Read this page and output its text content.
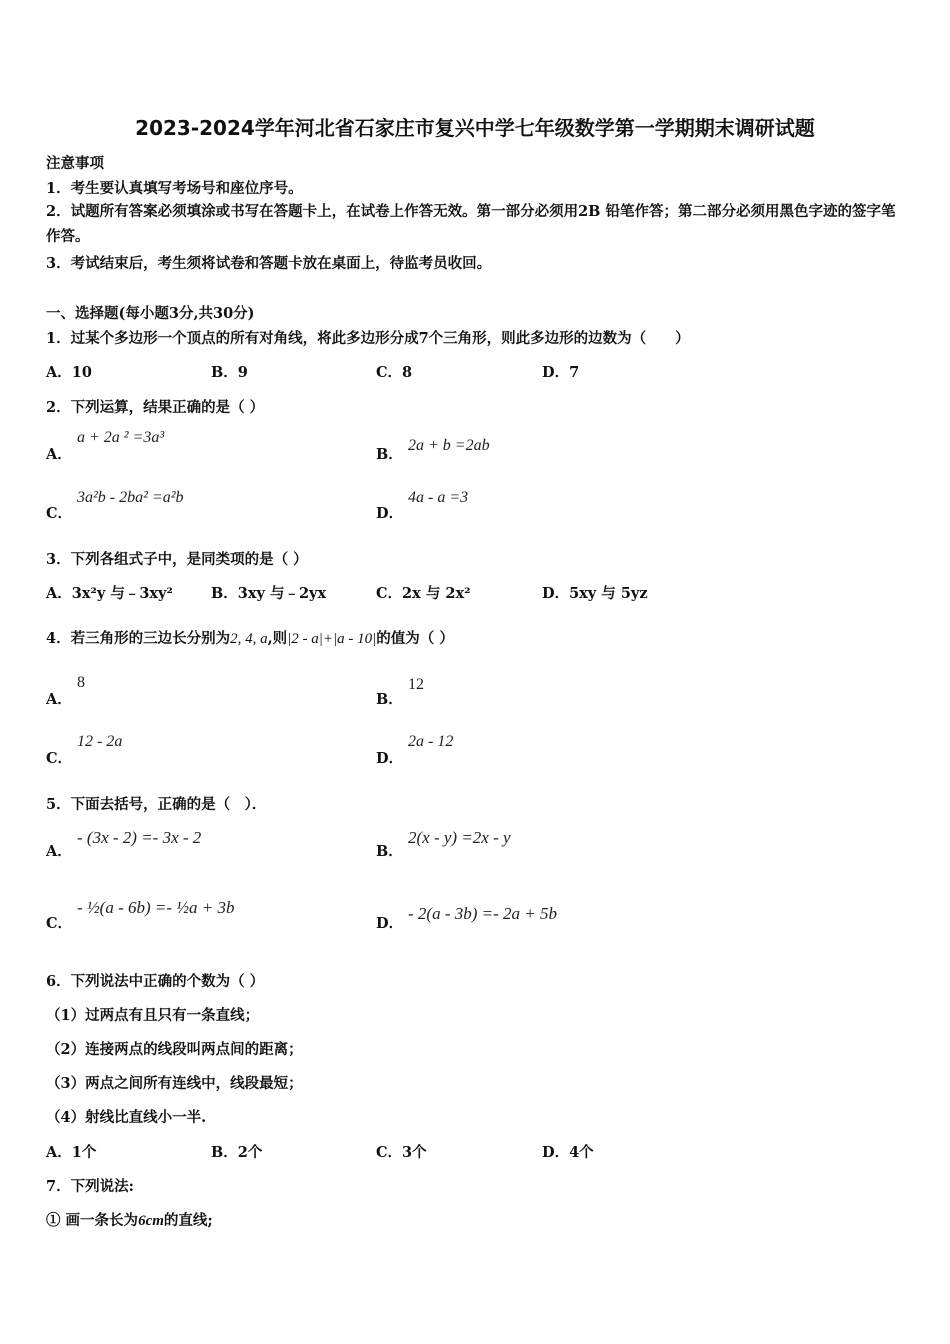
2023-2024学年河北省石家庄市复兴中学七年级数学第一学期期末调研试题
注意事项
1．考生要认真填写考场号和座位序号。
2．试题所有答案必须填涂或书写在答题卡上，在试卷上作答无效。第一部分必须用2B 铅笔作答；第二部分必须用黑色字迹的签字笔作答。
3．考试结束后，考生须将试卷和答题卡放在桌面上，待监考员收回。
一、选择题(每小题3分,共30分)
1．过某个多边形一个顶点的所有对角线，将此多边形分成7个三角形，则此多边形的边数为（　　）
A．10	B．9	C．8	D．7
2．下列运算，结果正确的是（ ）
A．
a + 2a ² =3a³
B．
2a + b =2ab
C．
3a²b - 2ba² =a²b
D．
4a - a =3
3．下列各组式子中，是同类项的是（ ）
A．3x²y 与﹣3xy²	B．3xy 与﹣2yx	C．2x 与 2x²	D．5xy 与 5yz
4．若三角形的三边长分别为2, 4, a,则|2 - a|+|a - 10|的值为（ ）
A．
8
B．
12
C．
12 - 2a
D．
2a - 12
5．下面去括号，正确的是（　）．
A．
- (3x - 2) =- 3x - 2
B．
2(x - y) =2x - y
C．
- ½(a - 6b) =- ½a + 3b
D．
- 2(a - 3b) =- 2a + 5b
6．下列说法中正确的个数为（ ）
（1）过两点有且只有一条直线；
（2）连接两点的线段叫两点间的距离；
（3）两点之间所有连线中，线段最短；
（4）射线比直线小一半.
A．1个	B．2个	C．3个	D．4个
7．下列说法:
① 画一条长为6cm的直线;
